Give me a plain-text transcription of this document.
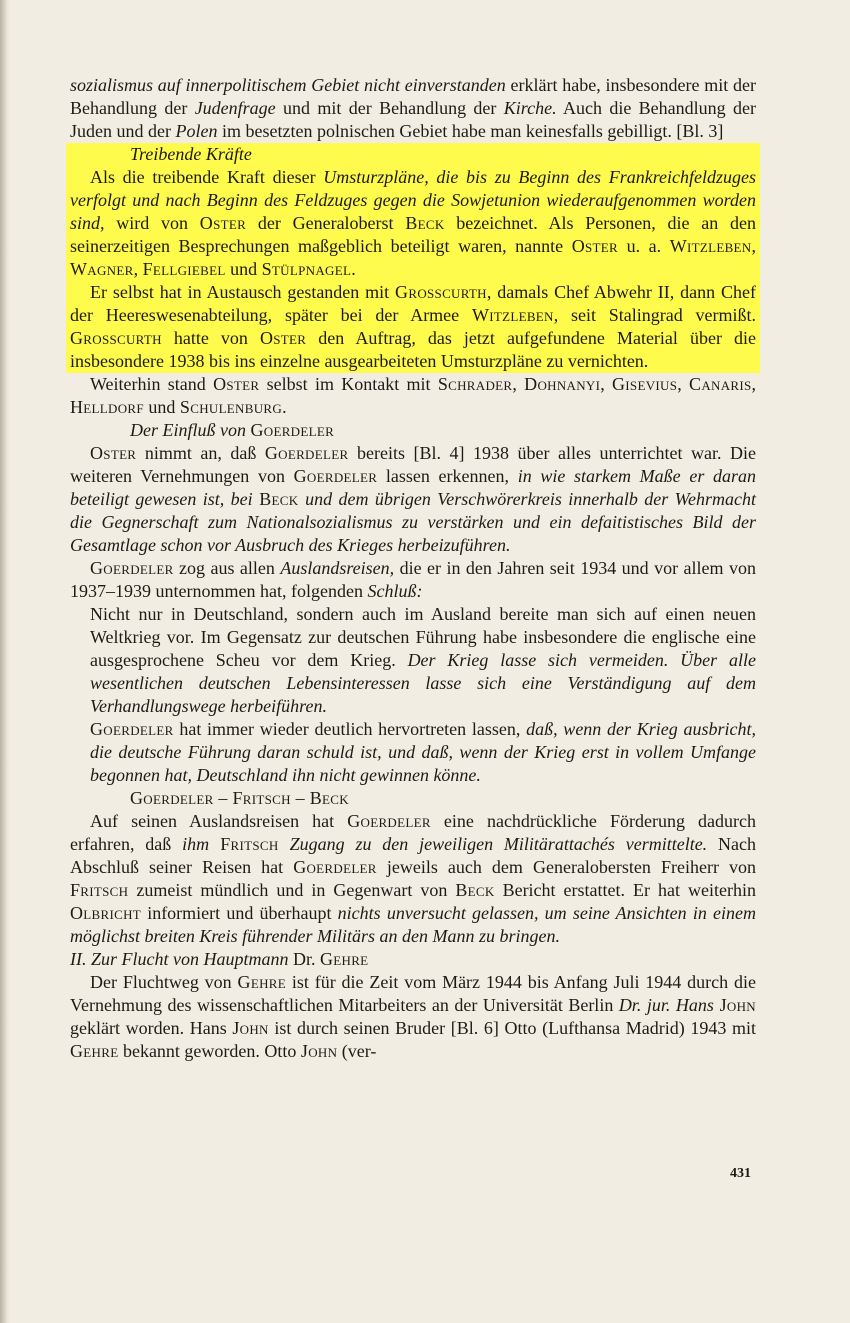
sozialismus auf innerpolitischem Gebiet nicht einverstanden erklärt habe, insbesondere mit der Behandlung der Judenfrage und mit der Behandlung der Kirche. Auch die Behandlung der Juden und der Polen im besetzten polnischen Gebiet habe man keinesfalls gebilligt. [Bl. 3]

Treibende Kräfte

Als die treibende Kraft dieser Umsturzpläne, die bis zu Beginn des Frankreichfeldzuges verfolgt und nach Beginn des Feldzuges gegen die Sowjetunion wiederaufgenommen worden sind, wird von Oster der Generaloberst Beck bezeichnet. Als Personen, die an den seinerzeitigen Besprechungen maßgeblich beteiligt waren, nannte Oster u. a. Witzleben, Wagner, Fellgiebel und Stülpnagel.

Er selbst hat in Austausch gestanden mit Grosscurth, damals Chef Abwehr II, dann Chef der Heereswesenabteilung, später bei der Armee Witzleben, seit Stalingrad vermißt. Grosscurth hatte von Oster den Auftrag, das jetzt aufgefundene Material über die insbesondere 1938 bis ins einzelne ausgearbeiteten Umsturzpläne zu vernichten.

Weiterhin stand Oster selbst im Kontakt mit Schrader, Dohnanyi, Gisevius, Canaris, Helldorf und Schulenburg.

Der Einfluß von Goerdeler

Oster nimmt an, daß Goerdeler bereits [Bl. 4] 1938 über alles unterrichtet war. Die weiteren Vernehmungen von Goerdeler lassen erkennen, in wie starkem Maße er daran beteiligt gewesen ist, bei Beck und dem übrigen Verschwörerkreis innerhalb der Wehrmacht die Gegnerschaft zum Nationalsozialismus zu verstärken und ein defaitistisches Bild der Gesamtlage schon vor Ausbruch des Krieges herbeizuführen.

Goerdeler zog aus allen Auslandsreisen, die er in den Jahren seit 1934 und vor allem von 1937–1939 unternommen hat, folgenden Schluß:

Nicht nur in Deutschland, sondern auch im Ausland bereite man sich auf einen neuen Weltkrieg vor. Im Gegensatz zur deutschen Führung habe insbesondere die englische eine ausgesprochene Scheu vor dem Krieg. Der Krieg lasse sich vermeiden. Über alle wesentlichen deutschen Lebensinteressen lasse sich eine Verständigung auf dem Verhandlungswege herbeiführen.

Goerdeler hat immer wieder deutlich hervortreten lassen, daß, wenn der Krieg ausbricht, die deutsche Führung daran schuld ist, und daß, wenn der Krieg erst in vollem Umfange begonnen hat, Deutschland ihn nicht gewinnen könne.

Goerdeler – Fritsch – Beck

Auf seinen Auslandsreisen hat Goerdeler eine nachdrückliche Förderung dadurch erfahren, daß ihm Fritsch Zugang zu den jeweiligen Militärattachés vermittelte. Nach Abschluß seiner Reisen hat Goerdeler jeweils auch dem Generalobersten Freiherr von Fritsch zumeist mündlich und in Gegenwart von Beck Bericht erstattet. Er hat weiterhin Olbricht informiert und überhaupt nichts unversucht gelassen, um seine Ansichten in einem möglichst breiten Kreis führender Militärs an den Mann zu bringen.

II. Zur Flucht von Hauptmann Dr. Gehre

Der Fluchtweg von Gehre ist für die Zeit vom März 1944 bis Anfang Juli 1944 durch die Vernehmung des wissenschaftlichen Mitarbeiters an der Universität Berlin Dr. jur. Hans John geklärt worden. Hans John ist durch seinen Bruder [Bl. 6] Otto (Lufthansa Madrid) 1943 mit Gehre bekannt geworden. Otto John (ver-

431
